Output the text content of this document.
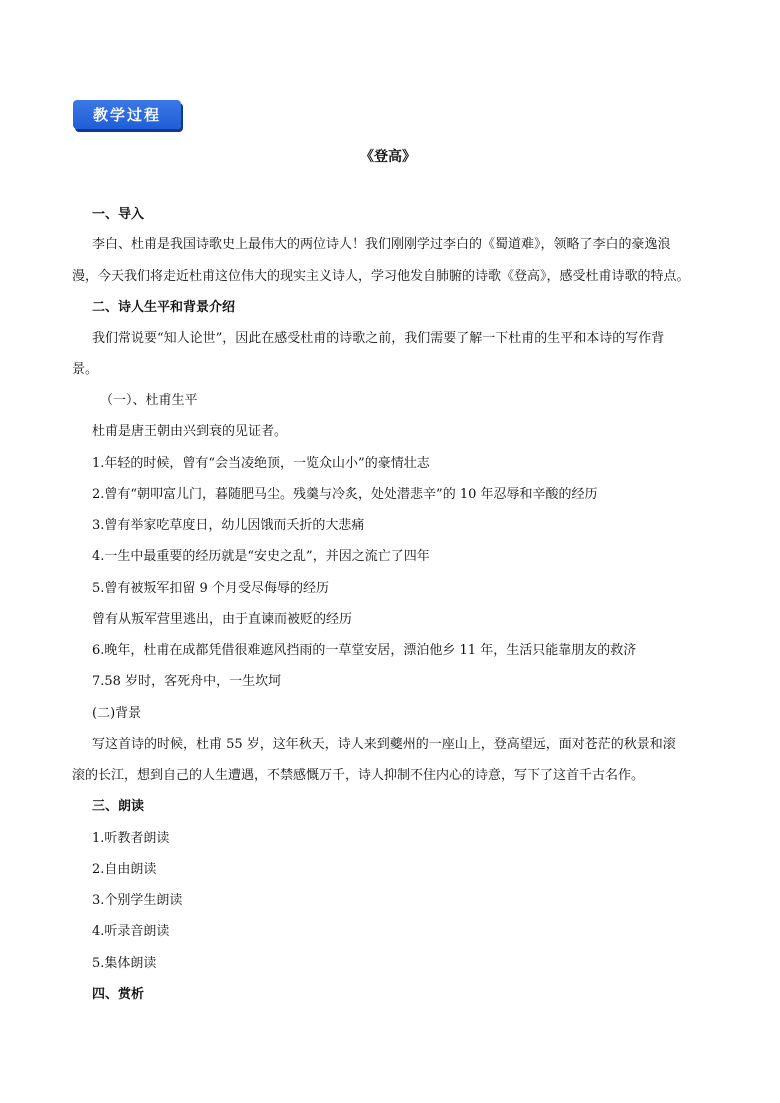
教学过程
《登高》
一、导入
李白、杜甫是我国诗歌史上最伟大的两位诗人！我们刚刚学过李白的《蜀道难》，领略了李白的豪逸浪
漫，今天我们将走近杜甫这位伟大的现实主义诗人，学习他发自肺腑的诗歌《登高》，感受杜甫诗歌的特点。
二、诗人生平和背景介绍
我们常说要“知人论世”，因此在感受杜甫的诗歌之前，我们需要了解一下杜甫的生平和本诗的写作背
景。
（一）、杜甫生平
杜甫是唐王朝由兴到衰的见证者。
1.年轻的时候，曾有“会当凌绝顶，一览众山小”的豪情壮志
2.曾有“朝叩富儿门，暮随肥马尘。残羹与冷炙，处处潜悲辛”的 10 年忍辱和辛酸的经历
3.曾有举家吃草度日，幼儿因饿而夭折的大悲痛
4.一生中最重要的经历就是“安史之乱”，并因之流亡了四年
5.曾有被叛军扣留 9 个月受尽侮辱的经历
曾有从叛军营里逃出，由于直谏而被贬的经历
6.晚年，杜甫在成都凭借很难遮风挡雨的一草堂安居，漂泊他乡 11 年，生活只能靠朋友的救济
7.58 岁时，客死舟中，一生坎坷
(二)背景
写这首诗的时候，杜甫 55 岁，这年秋天，诗人来到夔州的一座山上，登高望远，面对苍茫的秋景和滚
滚的长江，想到自己的人生遭遇，不禁感慨万千，诗人抑制不住内心的诗意，写下了这首千古名作。
三、朗读
1.听教者朗读
2.自由朗读
3.个别学生朗读
4.听录音朗读
5.集体朗读
四、赏析
